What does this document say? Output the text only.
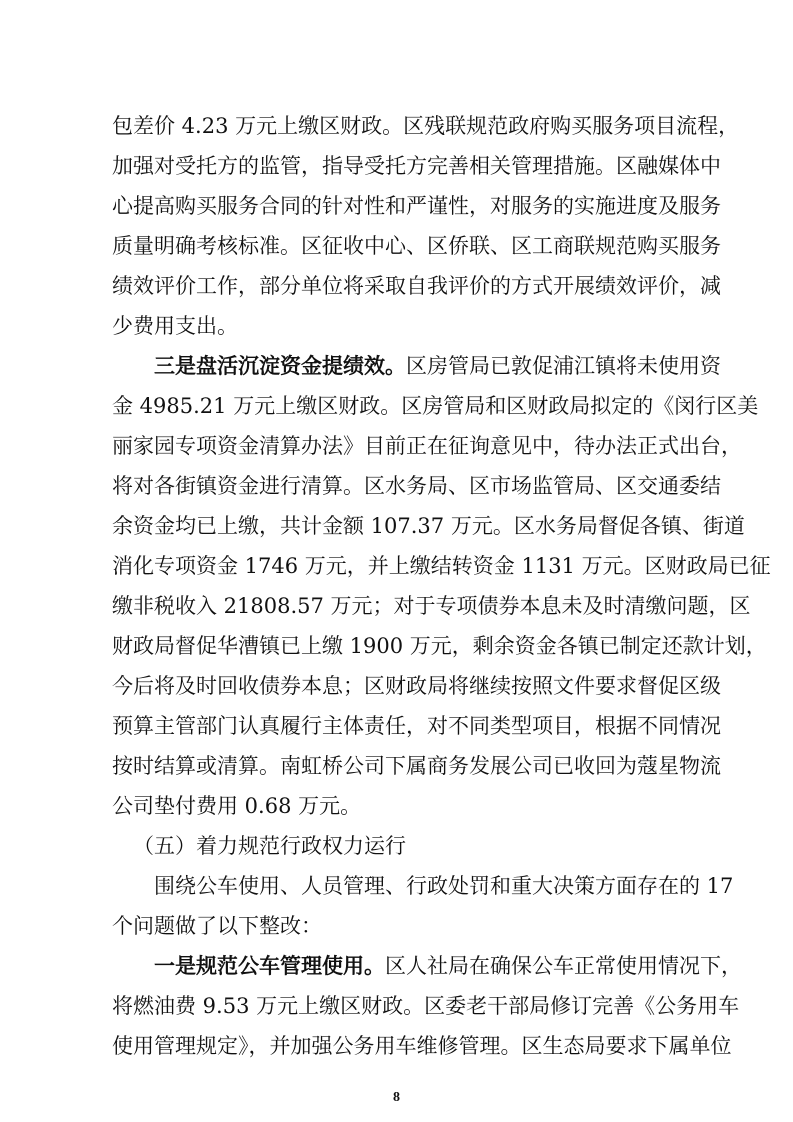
包差价 4.23 万元上缴区财政。区残联规范政府购买服务项目流程，
加强对受托方的监管，指导受托方完善相关管理措施。区融媒体中
心提高购买服务合同的针对性和严谨性，对服务的实施进度及服务
质量明确考核标准。区征收中心、区侨联、区工商联规范购买服务
绩效评价工作，部分单位将采取自我评价的方式开展绩效评价，减
少费用支出。
三是盘活沉淀资金提绩效。区房管局已敦促浦江镇将未使用资
金 4985.21 万元上缴区财政。区房管局和区财政局拟定的《闵行区美
丽家园专项资金清算办法》目前正在征询意见中，待办法正式出台，
将对各街镇资金进行清算。区水务局、区市场监管局、区交通委结
余资金均已上缴，共计金额 107.37 万元。区水务局督促各镇、街道
消化专项资金 1746 万元，并上缴结转资金 1131 万元。区财政局已征
缴非税收入 21808.57 万元；对于专项债券本息未及时清缴问题，区
财政局督促华漕镇已上缴 1900 万元，剩余资金各镇已制定还款计划，
今后将及时回收债券本息；区财政局将继续按照文件要求督促区级
预算主管部门认真履行主体责任，对不同类型项目，根据不同情况
按时结算或清算。南虹桥公司下属商务发展公司已收回为蔻星物流
公司垫付费用 0.68 万元。
（五）着力规范行政权力运行
围绕公车使用、人员管理、行政处罚和重大决策方面存在的 17
个问题做了以下整改：
一是规范公车管理使用。区人社局在确保公车正常使用情况下，
将燃油费 9.53 万元上缴区财政。区委老干部局修订完善《公务用车
使用管理规定》，并加强公务用车维修管理。区生态局要求下属单位
8
